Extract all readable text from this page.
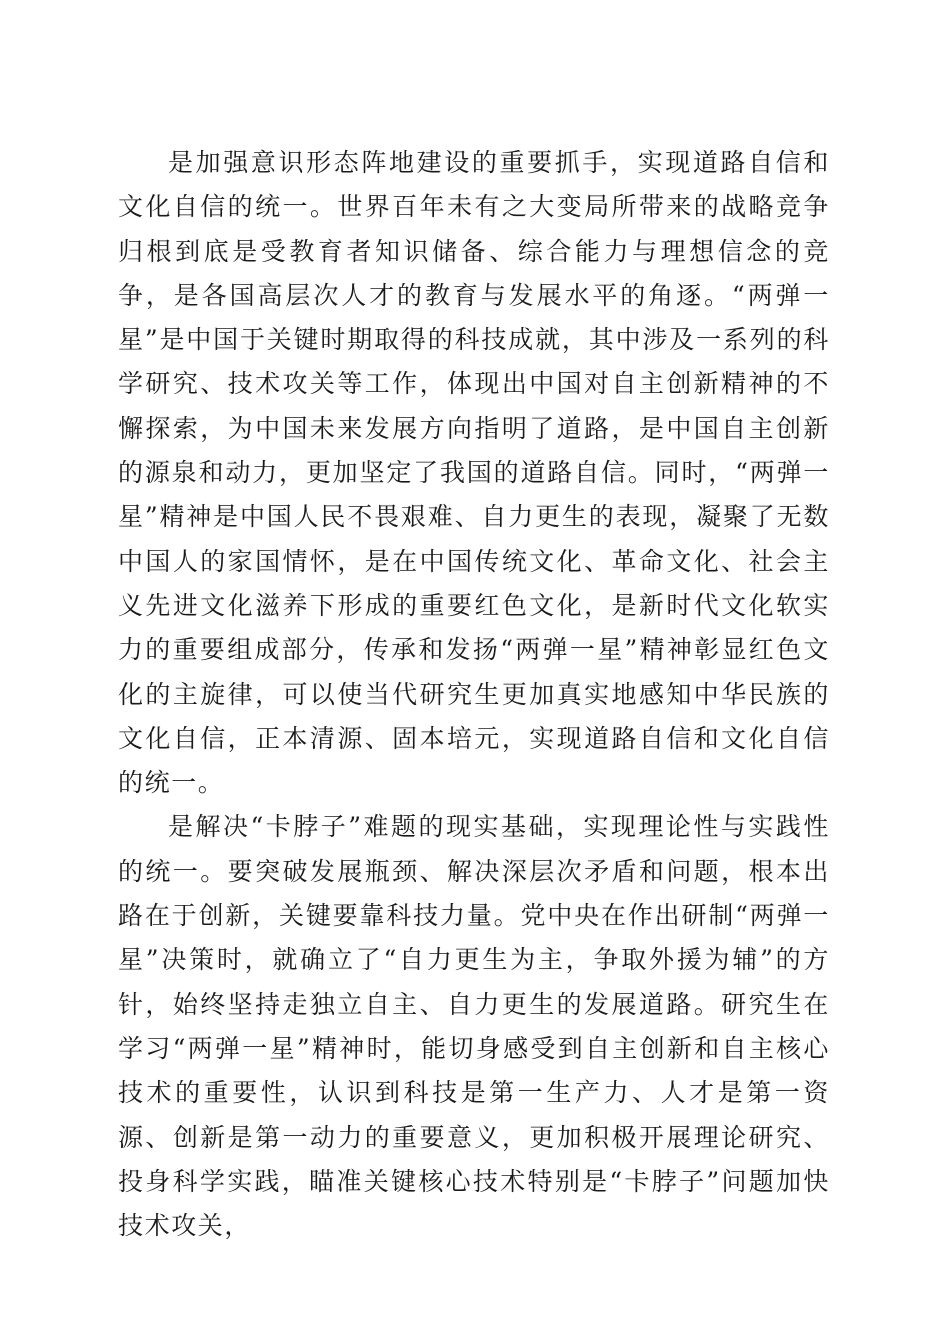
是加强意识形态阵地建设的重要抓手，实现道路自信和文化自信的统一。世界百年未有之大变局所带来的战略竞争归根到底是受教育者知识储备、综合能力与理想信念的竞争，是各国高层次人才的教育与发展水平的角逐。“两弹一星”是中国于关键时期取得的科技成就，其中涉及一系列的科学研究、技术攻关等工作，体现出中国对自主创新精神的不懈探索，为中国未来发展方向指明了道路，是中国自主创新的源泉和动力，更加坚定了我国的道路自信。同时，“两弹一星”精神是中国人民不畏艰难、自力更生的表现，凝聚了无数中国人的家国情怀，是在中国传统文化、革命文化、社会主义先进文化滋养下形成的重要红色文化，是新时代文化软实力的重要组成部分，传承和发扬“两弹一星”精神彰显红色文化的主旋律，可以使当代研究生更加真实地感知中华民族的文化自信，正本清源、固本培元，实现道路自信和文化自信的统一。

是解决“卡脖子”难题的现实基础，实现理论性与实践性的统一。要突破发展瓶颈、解决深层次矛盾和问题，根本出路在于创新，关键要靠科技力量。党中央在作出研制“两弹一星”决策时，就确立了“自力更生为主，争取外援为辅”的方针，始终坚持走独立自主、自力更生的发展道路。研究生在学习“两弹一星”精神时，能切身感受到自主创新和自主核心技术的重要性，认识到科技是第一生产力、人才是第一资源、创新是第一动力的重要意义，更加积极开展理论研究、投身科学实践，瞄准关键核心技术特别是“卡脖子”问题加快技术攻关，
